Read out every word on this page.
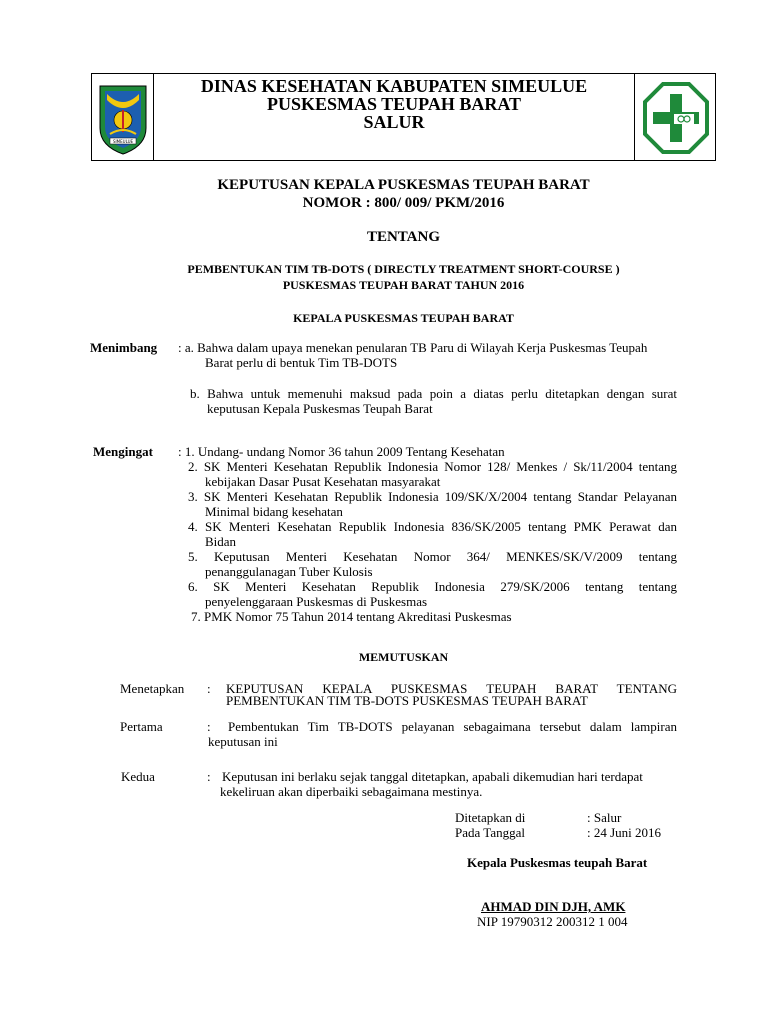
SIMEULUE
DINAS KESEHATAN KABUPATEN SIMEULUE
PUSKESMAS TEUPAH BARAT
SALUR
KEPUTUSAN KEPALA PUSKESMAS TEUPAH BARAT
NOMOR : 800/ 009/ PKM/2016
TENTANG
PEMBENTUKAN TIM TB-DOTS ( DIRECTLY TREATMENT SHORT-COURSE )
PUSKESMAS TEUPAH BARAT TAHUN 2016
KEPALA PUSKESMAS TEUPAH BARAT
Menimbang : a. Bahwa dalam upaya menekan penularan TB Paru di Wilayah Kerja Puskesmas Teupah
Barat perlu di bentuk Tim TB-DOTS
b. Bahwa untuk memenuhi maksud pada poin a diatas perlu ditetapkan dengan surat
keputusan Kepala Puskesmas Teupah Barat
Mengingat : 1. Undang- undang Nomor 36 tahun 2009 Tentang Kesehatan
2. SK Menteri Kesehatan Republik Indonesia Nomor 128/ Menkes / Sk/11/2004 tentang
kebijakan Dasar Pusat Kesehatan masyarakat
3. SK Menteri Kesehatan Republik Indonesia 109/SK/X/2004 tentang Standar Pelayanan
Minimal bidang kesehatan
4. SK Menteri Kesehatan Republik Indonesia 836/SK/2005 tentang PMK Perawat dan
Bidan
5. Keputusan Menteri Kesehatan Nomor 364/ MENKES/SK/V/2009 tentang
penanggulanagan Tuber Kulosis
6. SK Menteri Kesehatan Republik Indonesia 279/SK/2006 tentang tentang
penyelenggaraan Puskesmas di Puskesmas
7. PMK Nomor 75 Tahun 2014 tentang Akreditasi Puskesmas
MEMUTUSKAN
Menetapkan : KEPUTUSAN KEPALA PUSKESMAS TEUPAH BARAT TENTANG
PEMBENTUKAN TIM TB-DOTS PUSKESMAS TEUPAH BARAT
Pertama	: Pembentukan Tim TB-DOTS pelayanan sebagaimana tersebut dalam lampiran
keputusan ini
Kedua	: Keputusan ini berlaku sejak tanggal ditetapkan, apabali dikemudian hari terdapat
kekeliruan akan diperbaiki sebagaimana mestinya.
Ditetapkan di	: Salur
Pada Tanggal	: 24 Juni 2016
Kepala Puskesmas teupah Barat
AHMAD DIN DJH, AMK
NIP 19790312 200312 1 004
